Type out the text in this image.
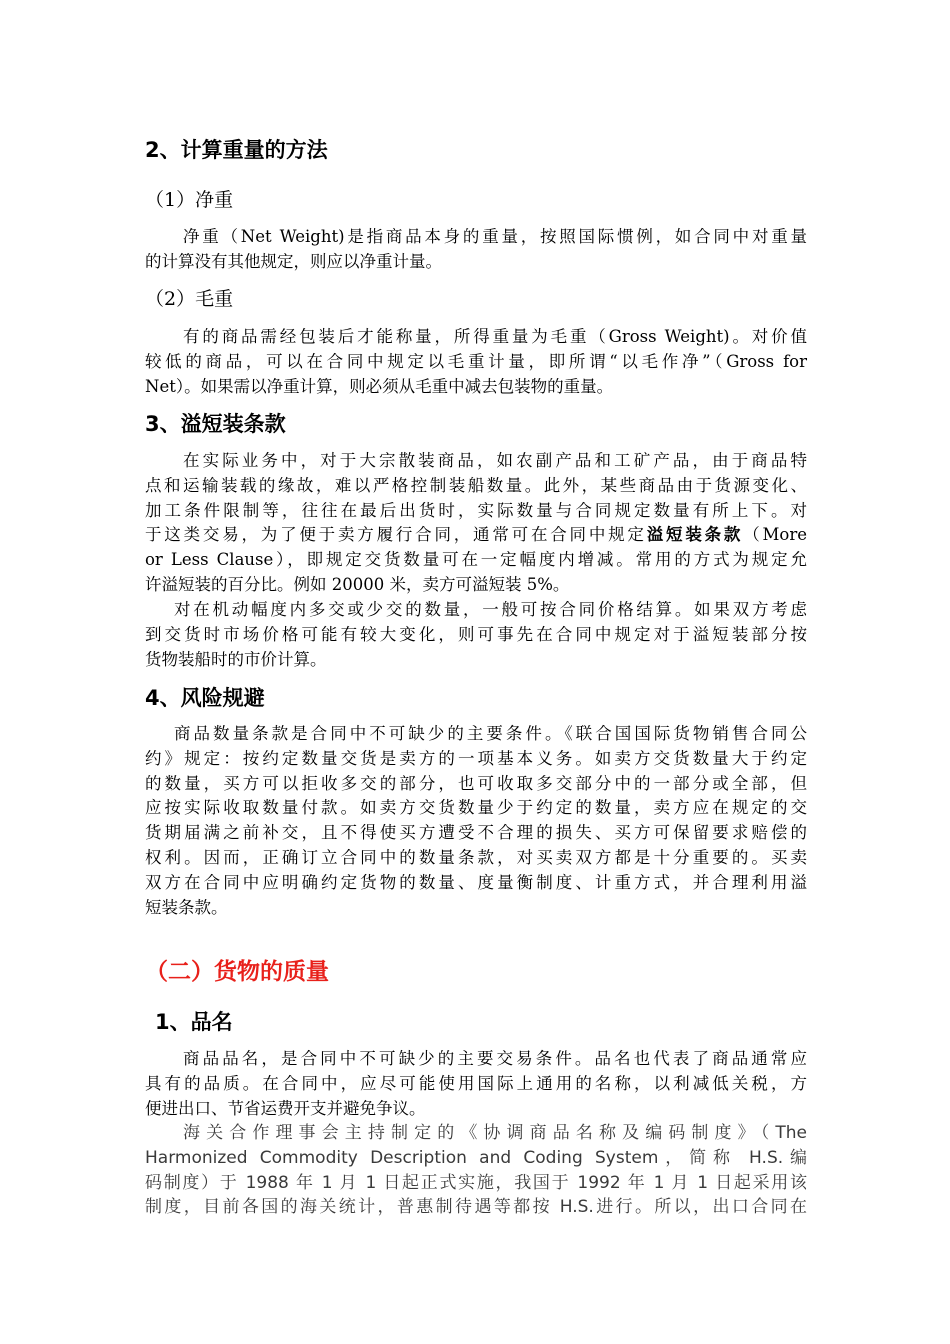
2、计算重量的方法
（1）净重
净重（Net Weight)是指商品本身的重量，按照国际惯例，如合同中对重量
的计算没有其他规定，则应以净重计量。
（2）毛重
有的商品需经包装后才能称量，所得重量为毛重（Gross Weight)。对价值
较低的商品，可以在合同中规定以毛重计量，即所谓“以毛作净”（Gross for
Net）。如果需以净重计算，则必须从毛重中减去包装物的重量。
3、溢短装条款
在实际业务中，对于大宗散装商品，如农副产品和工矿产品，由于商品特
点和运输装载的缘故，难以严格控制装船数量。此外，某些商品由于货源变化、
加工条件限制等，往往在最后出货时，实际数量与合同规定数量有所上下。对
于这类交易，为了便于卖方履行合同，通常可在合同中规定溢短装条款（More
or Less Clause），即规定交货数量可在一定幅度内增减。常用的方式为规定允
许溢短装的百分比。例如 20000 米，卖方可溢短装 5%。
对在机动幅度内多交或少交的数量，一般可按合同价格结算。如果双方考虑
到交货时市场价格可能有较大变化，则可事先在合同中规定对于溢短装部分按
货物装船时的市价计算。
4、风险规避
商品数量条款是合同中不可缺少的主要条件。《联合国国际货物销售合同公
约》规定：按约定数量交货是卖方的一项基本义务。如卖方交货数量大于约定
的数量，买方可以拒收多交的部分，也可收取多交部分中的一部分或全部，但
应按实际收取数量付款。如卖方交货数量少于约定的数量，卖方应在规定的交
货期届满之前补交，且不得使买方遭受不合理的损失、买方可保留要求赔偿的
权利。因而，正确订立合同中的数量条款，对买卖双方都是十分重要的。买卖
双方在合同中应明确约定货物的数量、度量衡制度、计重方式，并合理利用溢
短装条款。
（二）货物的质量
1、品名
商品品名，是合同中不可缺少的主要交易条件。品名也代表了商品通常应
具有的品质。在合同中，应尽可能使用国际上通用的名称，以利减低关税，方
便进出口、节省运费开支并避免争议。
海关合作理事会主持制定的《协调商品名称及编码制度》（The
Harmonized Commodity Description and Coding System，简称 H.S.编
码制度）于 1988 年 1 月 1 日起正式实施，我国于 1992 年 1 月 1 日起采用该
制度，目前各国的海关统计，普惠制待遇等都按 H.S.进行。所以，出口合同在
